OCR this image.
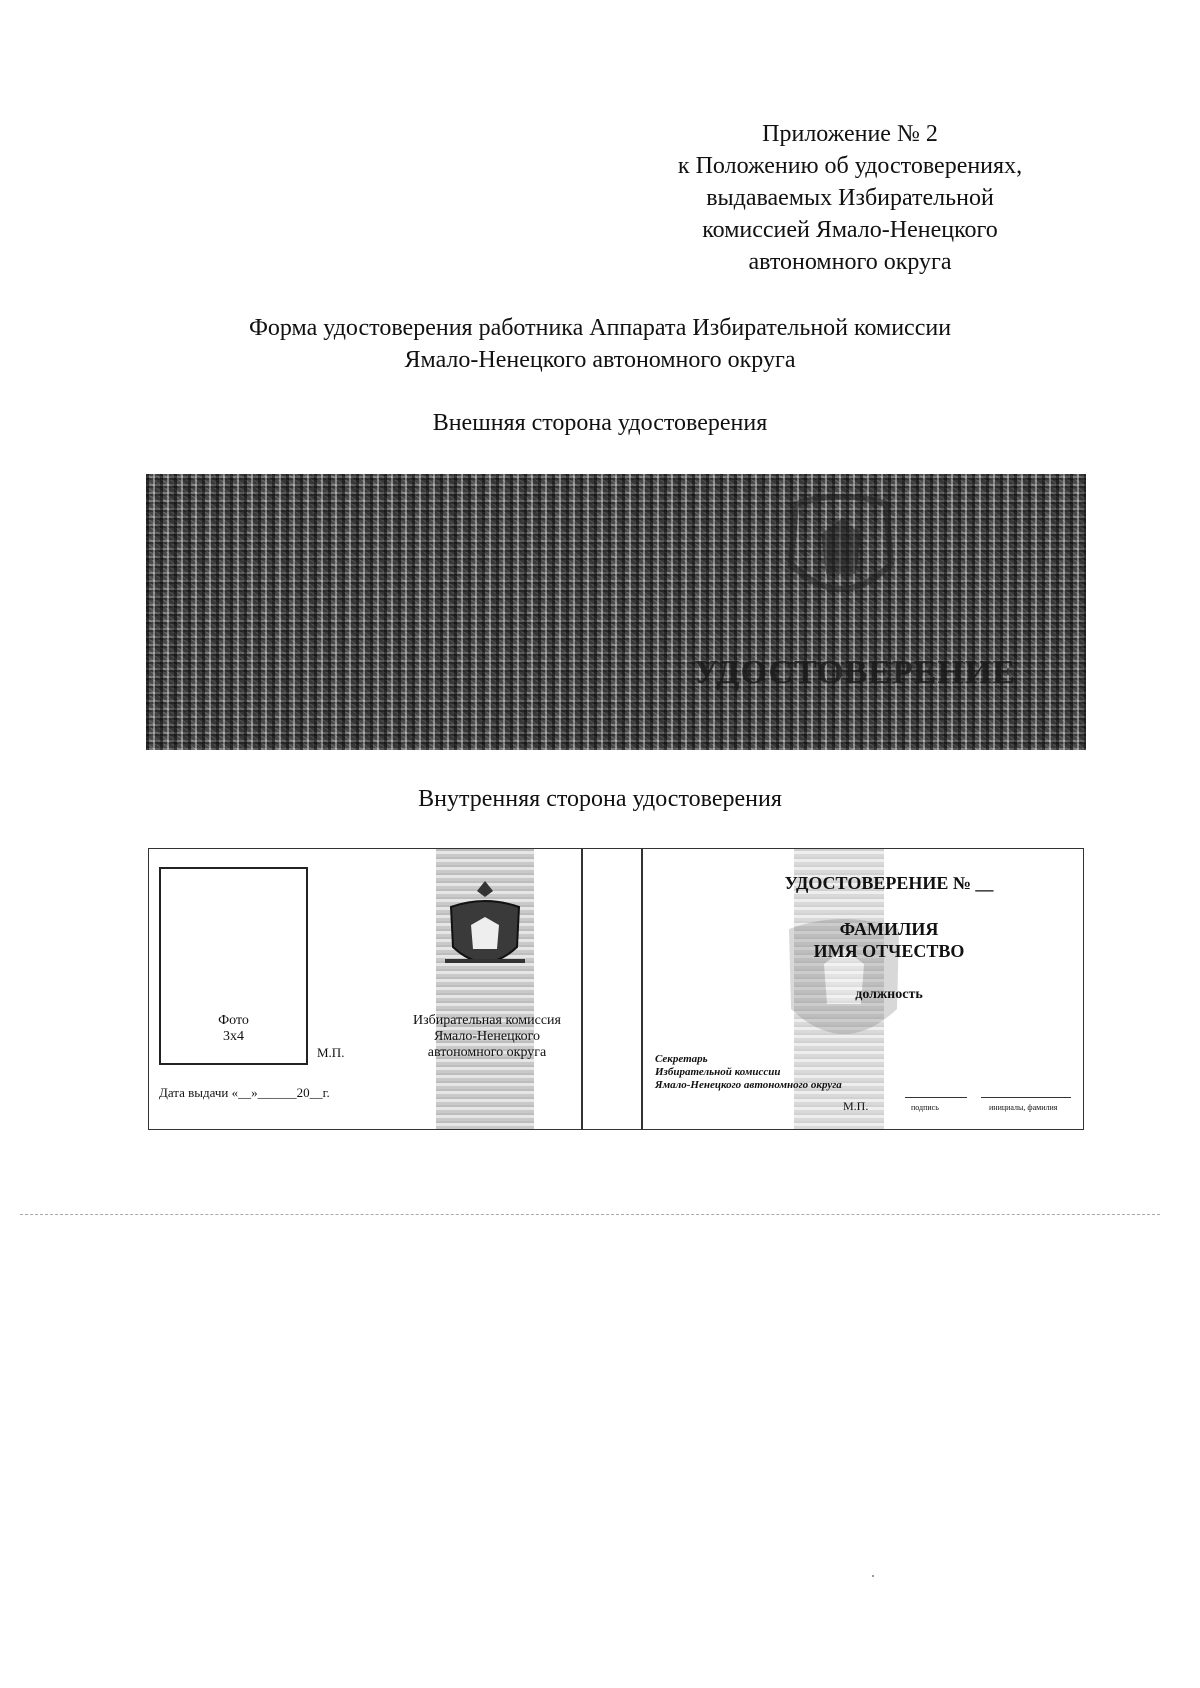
Приложение № 2
к Положению об удостоверениях,
выдаваемых Избирательной
комиссией Ямало-Ненецкого
автономного округа
Форма удостоверения работника Аппарата Избирательной комиссии
Ямало-Ненецкого автономного округа
Внешняя сторона удостоверения
УДОСТОВЕРЕНИЕ
Внутренняя сторона удостоверения
Фото
3x4
М.П.
Дата выдачи «__»______20__г.
Избирательная комиссия
Ямало-Ненецкого
автономного округа
УДОСТОВЕРЕНИЕ № __
ФАМИЛИЯ
ИМЯ ОТЧЕСТВО
должность
Секретарь
Избирательной комиссии
Ямало-Ненецкого автономного округа
М.П.	подпись	инициалы, фамилия
